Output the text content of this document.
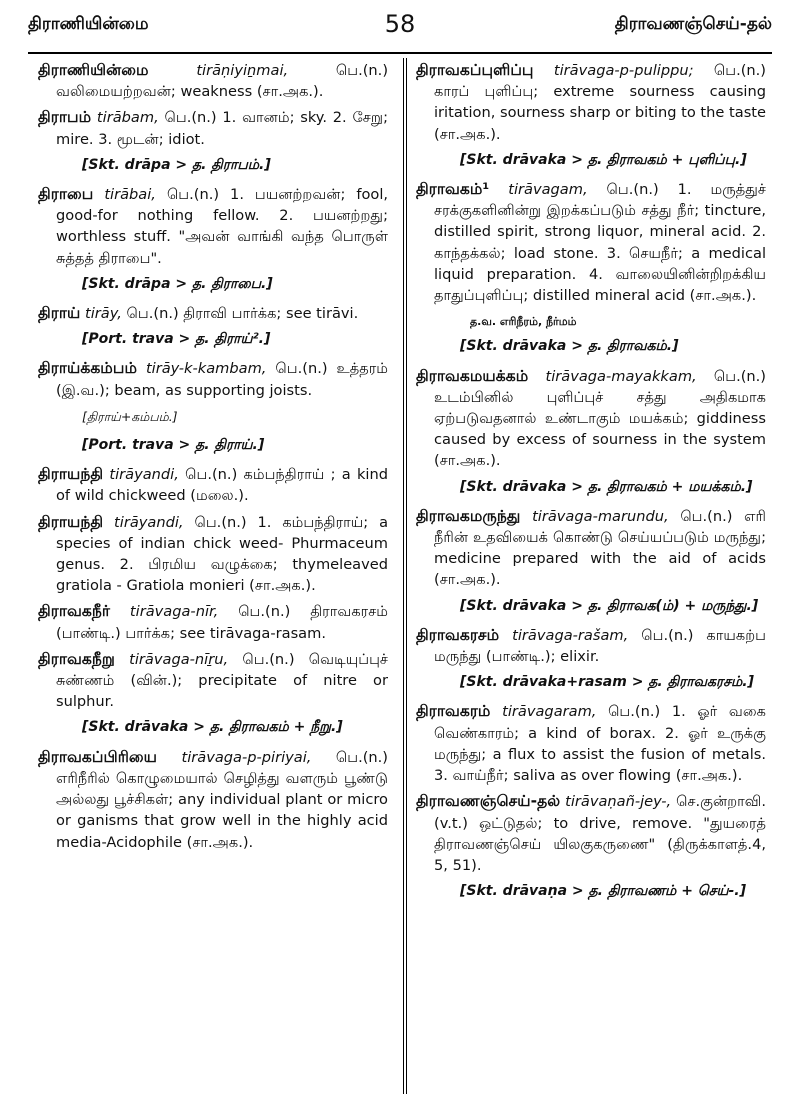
திராணியின்மை	58	திராவணஞ்செய்-தல்
திராணியின்மை	tirāṇiyiṉmai,	பெ.(n.) வலிமையற்றவன்; weakness (சா.அக.).
திராபம் tirābam, பெ.(n.) 1. வானம்; sky. 2. சேறு; mire. 3. மூடன்; idiot.
[Skt. drāpa > த. திராபம்.]
திராபை tirābai, பெ.(n.) 1. பயனற்றவன்; fool, good-for nothing fellow. 2. பயனற்றது; worthless stuff. "அவன் வாங்கி வந்த பொருள் சுத்தத் திராபை".
[Skt. drāpa > த. திராபை.]
திராய் tirāy, பெ.(n.) திராவி பார்க்க; see tirāvi.
[Port. trava > த. திராய்².]
திராய்க்கம்பம் tirāy-k-kambam, பெ.(n.) உத்தரம் (இ.வ.); beam, as supporting joists.
[திராய்+கம்பம்.]
[Port. trava > த. திராய்.]
திராயந்தி tirāyandi, பெ.(n.) கம்பந்திராய் ; a kind of wild chickweed (மலை.).
திராயந்தி tirāyandi, பெ.(n.) 1. கம்பந்திராய்; a species of indian chick weed- Phurmaceum genus. 2. பிரமிய வழுக்கை; thymeleaved gratiola - Gratiola monieri (சா.அக.).
திராவகநீர் tirāvaga-nīr, பெ.(n.) திராவகரசம் (பாண்டி.) பார்க்க; see tirāvaga-rasam.
திராவகநீறு tirāvaga-nīṟu, பெ.(n.) வெடியுப்புச் சுண்ணம் (வின்.); precipitate of nitre or sulphur.
[Skt. drāvaka > த. திராவகம் + நீறு.]
திராவகப்பிரியை tirāvaga-p-piriyai, பெ.(n.) எரிநீரில் கொழுமையால் செழித்து வளரும் பூண்டு அல்லது பூச்சிகள்; any individual plant or micro or ganisms that grow well in the highly acid media-Acidophile (சா.அக.).
திராவகப்புளிப்பு tirāvaga-p-pulippu; பெ.(n.) காரப் புளிப்பு; extreme sourness causing iritation, sourness sharp or biting to the taste (சா.அக.).
[Skt. drāvaka > த. திராவகம் + புளிப்பு.]
திராவகம்¹ tirāvagam, பெ.(n.) 1. மருத்துச் சரக்குகளினின்று இறக்கப்படும் சத்து நீர்; tincture, distilled spirit, strong liquor, mineral acid. 2. காந்தக்கல்; load stone. 3. செயநீர்; a medical liquid preparation. 4. வாலையினின்றிறக்கிய தாதுப்புளிப்பு; distilled mineral acid (சா.அக.).
த.வ. எரிநீரம், நீர்மம்
[Skt. drāvaka > த. திராவகம்.]
திராவகமயக்கம் tirāvaga-mayakkam, பெ.(n.) உடம்பினில் புளிப்புச் சத்து அதிகமாக ஏற்படுவதனால் உண்டாகும் மயக்கம்; giddiness caused by excess of sourness in the system (சா.அக.).
[Skt. drāvaka > த. திராவகம் + மயக்கம்.]
திராவகமருந்து tirāvaga-marundu, பெ.(n.) எரி நீரின் உதவியைக் கொண்டு செய்யப்படும் மருந்து; medicine prepared with the aid of acids (சா.அக.).
[Skt. drāvaka > த. திராவக(ம்) + மருந்து.]
திராவகரசம் tirāvaga-rašam, பெ.(n.) காயகற்ப மருந்து (பாண்டி.); elixir.
[Skt. drāvaka+rasam > த. திராவகரசம்.]
திராவகரம் tirāvagaram, பெ.(n.) 1. ஓர் வகை வெண்காரம்; a kind of borax. 2. ஓர் உருக்கு மருந்து; a flux to assist the fusion of metals. 3. வாய்நீர்; saliva as over flowing (சா.அக.).
திராவணஞ்செய்-தல் tirāvaṇañ-jey-, செ.குன்றாவி.(v.t.) ஒட்டுதல்; to drive, remove. "துயரைத் திராவணஞ்செய் யிலகுகருணை" (திருக்காளத்.4, 5, 51).
[Skt. drāvaṇa > த. திராவணம் + செய்-.]
